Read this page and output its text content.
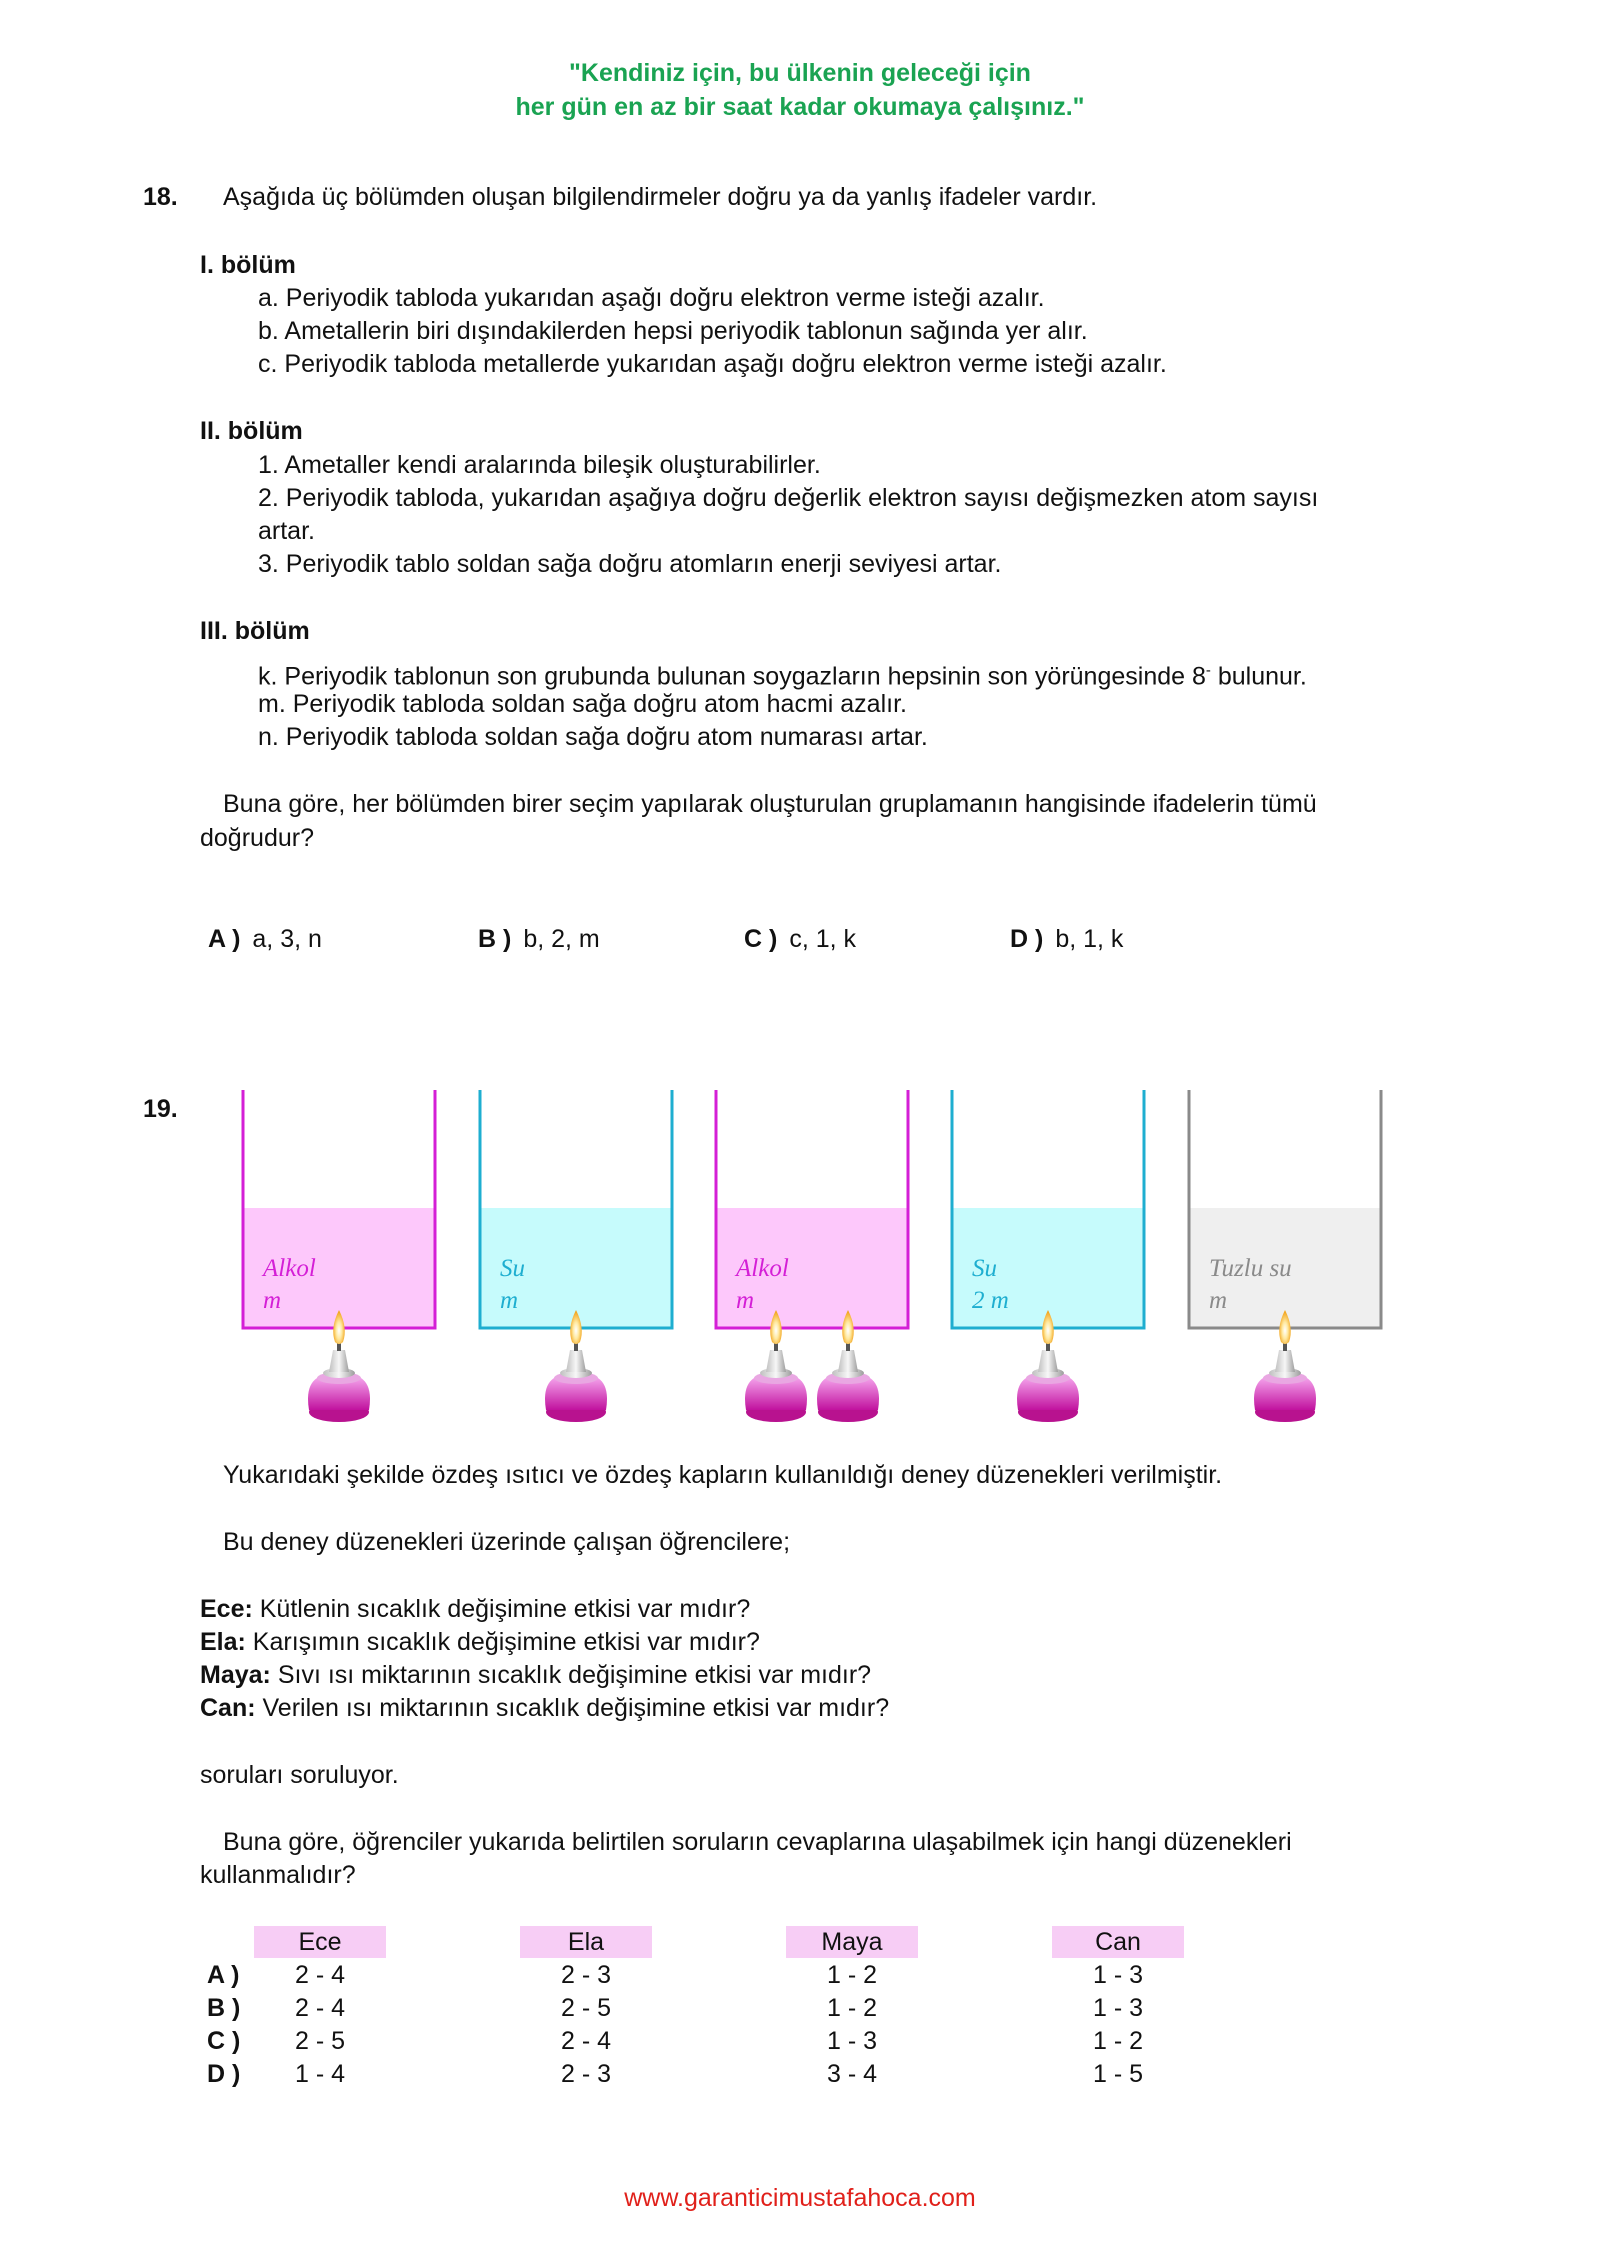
"Kendiniz için, bu ülkenin geleceği için
her gün en az bir saat kadar okumaya çalışınız."
18. Aşağıda üç bölümden oluşan bilgilendirmeler doğru ya da yanlış ifadeler vardır.
I. bölüm
a. Periyodik tabloda yukarıdan aşağı doğru elektron verme isteği azalır.
b. Ametallerin biri dışındakilerden hepsi periyodik tablonun sağında yer alır.
c. Periyodik tabloda metallerde yukarıdan aşağı doğru elektron verme isteği azalır.
II. bölüm
1. Ametaller kendi aralarında bileşik oluşturabilirler.
2. Periyodik tabloda, yukarıdan aşağıya doğru değerlik elektron sayısı değişmezken atom sayısı
artar.
3. Periyodik tablo soldan sağa doğru atomların enerji seviyesi artar.
III. bölüm
k. Periyodik tablonun son grubunda bulunan soygazların hepsinin son yörüngesinde 8- bulunur.
m. Periyodik tabloda soldan sağa doğru atom hacmi azalır.
n. Periyodik tabloda soldan sağa doğru atom numarası artar.
Buna göre, her bölümden birer seçim yapılarak oluşturulan gruplamanın hangisinde ifadelerin tümü
doğrudur?
A ) a, 3, n	B ) b, 2, m	C ) c, 1, k	D ) b, 1, k
19.
Alkol
m
Su
m
Alkol
m
Su
2 m
Tuzlu su
m
Yukarıdaki şekilde özdeş ısıtıcı ve özdeş kapların kullanıldığı deney düzenekleri verilmiştir.
Bu deney düzenekleri üzerinde çalışan öğrencilere;
Ece: Kütlenin sıcaklık değişimine etkisi var mıdır?
Ela: Karışımın sıcaklık değişimine etkisi var mıdır?
Maya: Sıvı ısı miktarının sıcaklık değişimine etkisi var mıdır?
Can: Verilen ısı miktarının sıcaklık değişimine etkisi var mıdır?
soruları soruluyor.
Buna göre, öğrenciler yukarıda belirtilen soruların cevaplarına ulaşabilmek için hangi düzenekleri
kullanmalıdır?
Ece	Ela	Maya	Can
A )	2 - 4	2 - 3	1 - 2	1 - 3
B )	2 - 4	2 - 5	1 - 2	1 - 3
C )	2 - 5	2 - 4	1 - 3	1 - 2
D )	1 - 4	2 - 3	3 - 4	1 - 5
www.garanticimustafahoca.com
